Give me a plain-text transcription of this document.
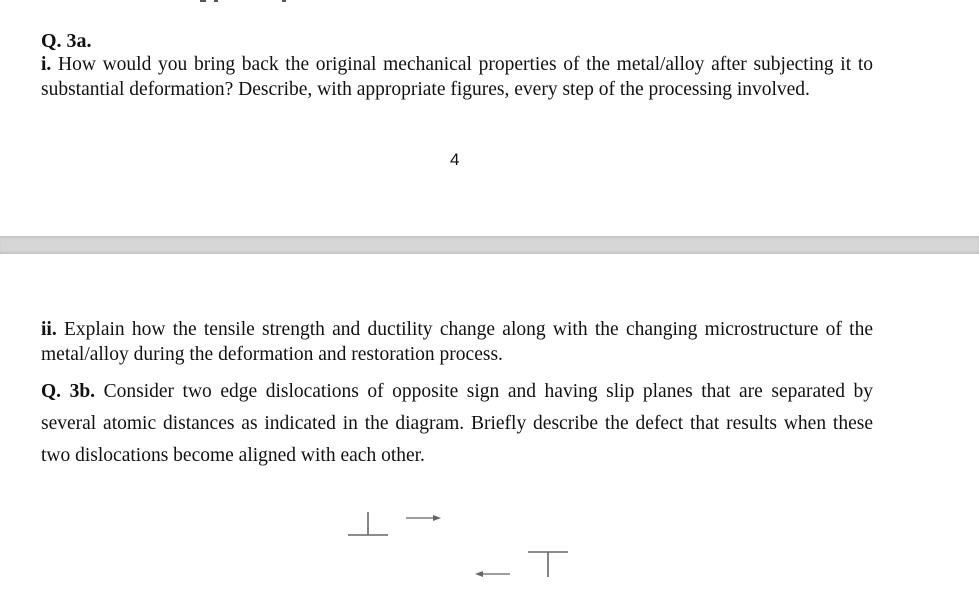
Q. 3a.
i. How would you bring back the original mechanical properties of the metal/alloy after subjecting it to substantial deformation? Describe, with appropriate figures, every step of the processing involved.
4
ii. Explain how the tensile strength and ductility change along with the changing microstructure of the metal/alloy during the deformation and restoration process.
Q. 3b. Consider two edge dislocations of opposite sign and having slip planes that are separated by several atomic distances as indicated in the diagram. Briefly describe the defect that results when these two dislocations become aligned with each other.
